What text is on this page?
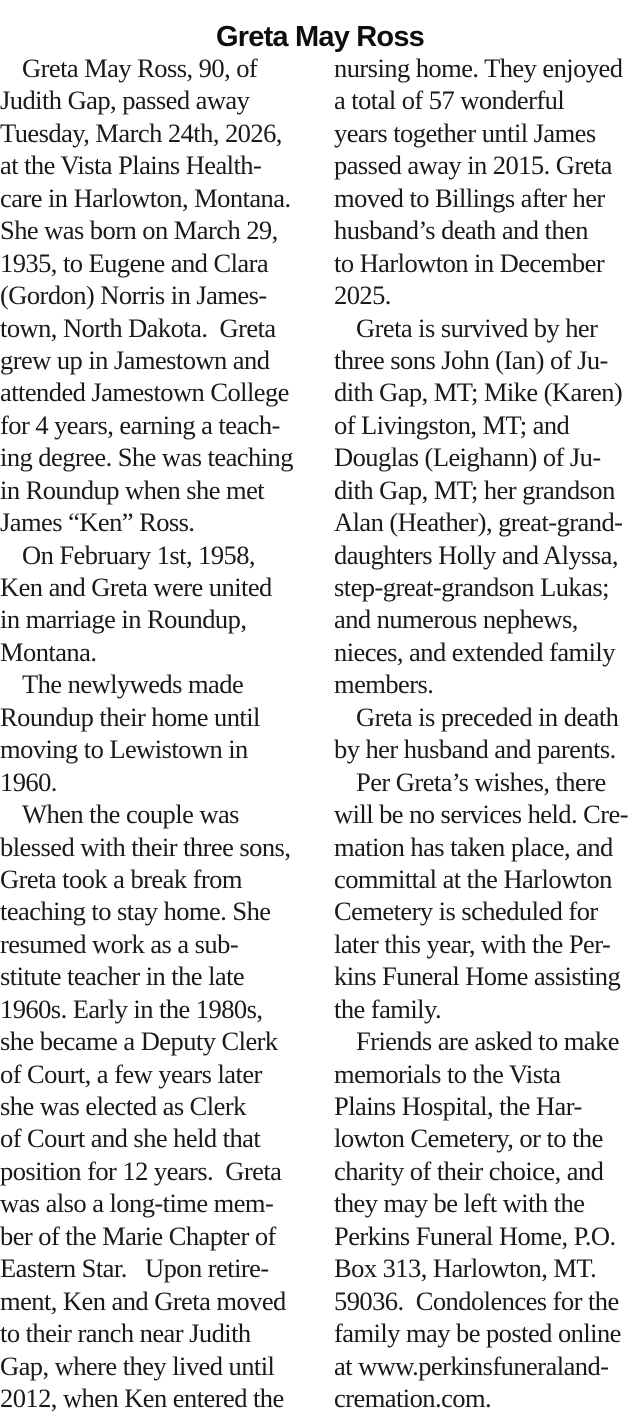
Greta May Ross
Greta May Ross, 90, of
Judith Gap, passed away
Tuesday, March 24th, 2026,
at the Vista Plains Health-
care in Harlowton, Montana.
She was born on March 29,
1935, to Eugene and Clara
(Gordon) Norris in James-
town, North Dakota.  Greta
grew up in Jamestown and
attended Jamestown College
for 4 years, earning a teach-
ing degree. She was teaching
in Roundup when she met
James “Ken” Ross.
On February 1st, 1958,
Ken and Greta were united
in marriage in Roundup,
Montana.
The newlyweds made
Roundup their home until
moving to Lewistown in
1960.
When the couple was
blessed with their three sons,
Greta took a break from
teaching to stay home. She
resumed work as a sub-
stitute teacher in the late
1960s. Early in the 1980s,
she became a Deputy Clerk
of Court, a few years later
she was elected as Clerk
of Court and she held that
position for 12 years.  Greta
was also a long-time mem-
ber of the Marie Chapter of
Eastern Star.   Upon retire-
ment, Ken and Greta moved
to their ranch near Judith
Gap, where they lived until
2012, when Ken entered the
nursing home. They enjoyed
a total of 57 wonderful
years together until James
passed away in 2015. Greta
moved to Billings after her
husband’s death and then
to Harlowton in December
2025.
Greta is survived by her
three sons John (Ian) of Ju-
dith Gap, MT; Mike (Karen)
of Livingston, MT; and
Douglas (Leighann) of Ju-
dith Gap, MT; her grandson
Alan (Heather), great-grand-
daughters Holly and Alyssa,
step-great-grandson Lukas;
and numerous nephews,
nieces, and extended family
members.
Greta is preceded in death
by her husband and parents.
Per Greta’s wishes, there
will be no services held. Cre-
mation has taken place, and
committal at the Harlowton
Cemetery is scheduled for
later this year, with the Per-
kins Funeral Home assisting
the family.
Friends are asked to make
memorials to the Vista
Plains Hospital, the Har-
lowton Cemetery, or to the
charity of their choice, and
they may be left with the
Perkins Funeral Home, P.O.
Box 313, Harlowton, MT.
59036.  Condolences for the
family may be posted online
at www.perkinsfuneraland-
cremation.com.
